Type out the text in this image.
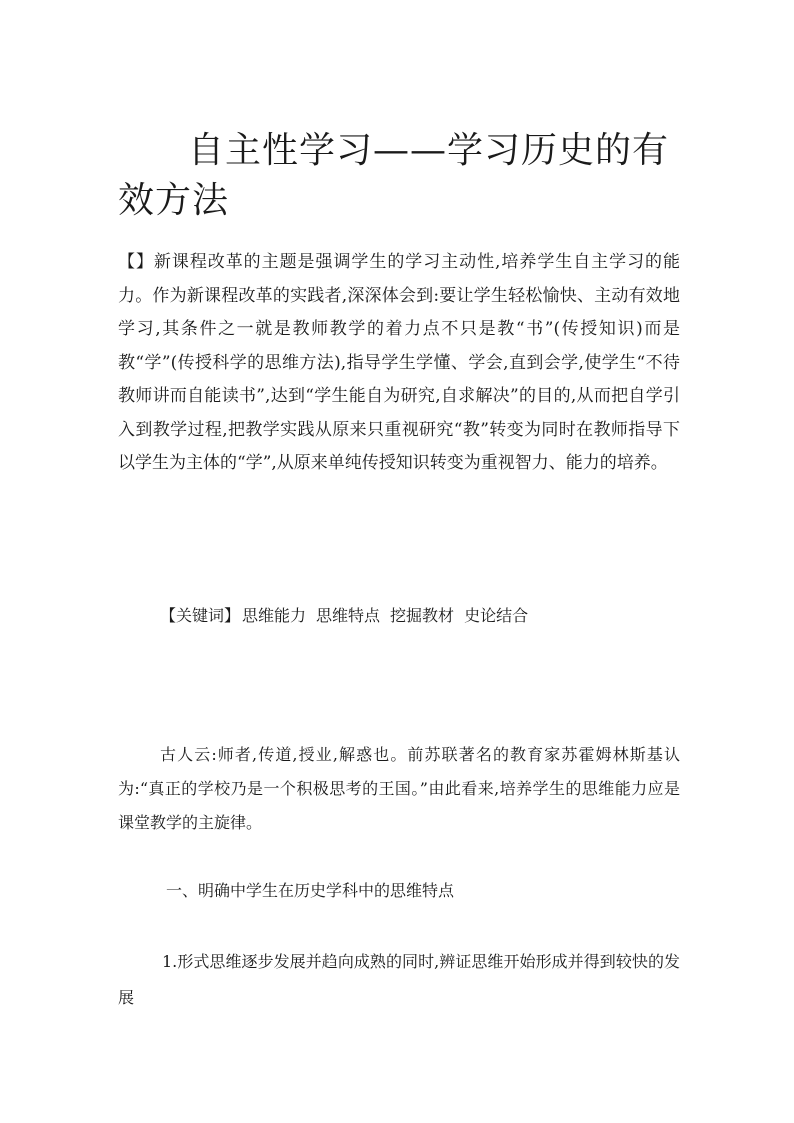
自主性学习——学习历史的有效方法

【】新课程改革的主题是强调学生的学习主动性,培养学生自主学习的能力。作为新课程改革的实践者,深深体会到:要让学生轻松愉快、主动有效地学习,其条件之一就是教师教学的着力点不只是教“书”(传授知识)而是教“学”(传授科学的思维方法),指导学生学懂、学会,直到会学,使学生“不待教师讲而自能读书”,达到“学生能自为研究,自求解决”的目的,从而把自学引入到教学过程,把教学实践从原来只重视研究“教”转变为同时在教师指导下以学生为主体的“学”,从原来单纯传授知识转变为重视智力、能力的培养。

【关键词】 思维能力 思维特点 挖掘教材 史论结合

古人云:师者,传道,授业,解惑也。前苏联著名的教育家苏霍姆林斯基认为:“真正的学校乃是一个积极思考的王国。”由此看来,培养学生的思维能力应是课堂教学的主旋律。

一、明确中学生在历史学科中的思维特点

1.形式思维逐步发展并趋向成熟的同时,辨证思维开始形成并得到较快的发展
